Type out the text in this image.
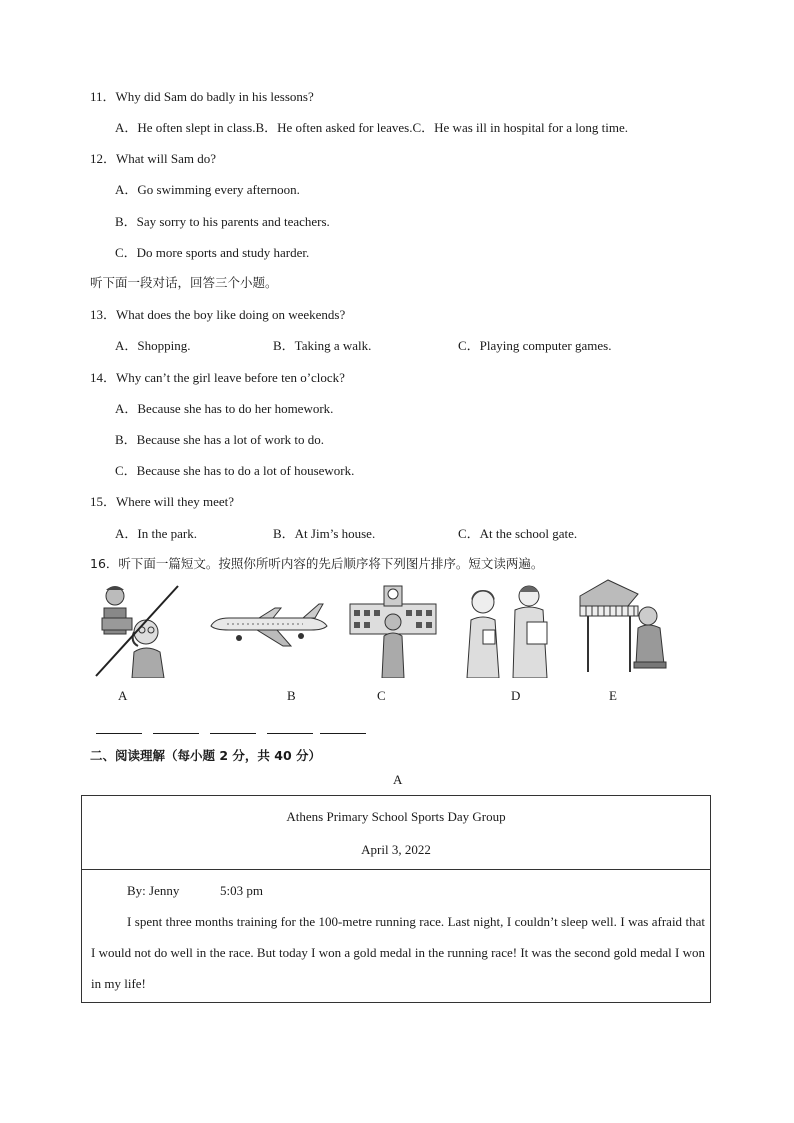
11．Why did Sam do badly in his lessons?
A．He often slept in class.B．He often asked for leaves.C．He was ill in hospital for a long time.
12．What will Sam do?
A．Go swimming every afternoon.
B．Say sorry to his parents and teachers.
C．Do more sports and study harder.
听下面一段对话，回答三个小题。
13．What does the boy like doing on weekends?
A．Shopping.	B．Taking a walk.	C．Playing computer games.
14．Why can’t the girl leave before ten o’clock?
A．Because she has to do her homework.
B．Because she has a lot of work to do.
C．Because she has to do a lot of housework.
15．Where will they meet?
A．In the park.	B．At Jim’s house.	C．At the school gate.
16．听下面一篇短文。按照你所听内容的先后顺序将下列图片排序。短文读两遍。
A	B	C	D	E
二、阅读理解（每小题 2 分，共 40 分）
A
Athens Primary School Sports Day Group
April 3, 2022
By: Jenny	5:03 pm
I spent three months training for the 100-metre running race. Last night, I couldn’t sleep well. I was afraid that I would not do well in the race. But today I won a gold medal in the running race! It was the second gold medal I won in my life!
